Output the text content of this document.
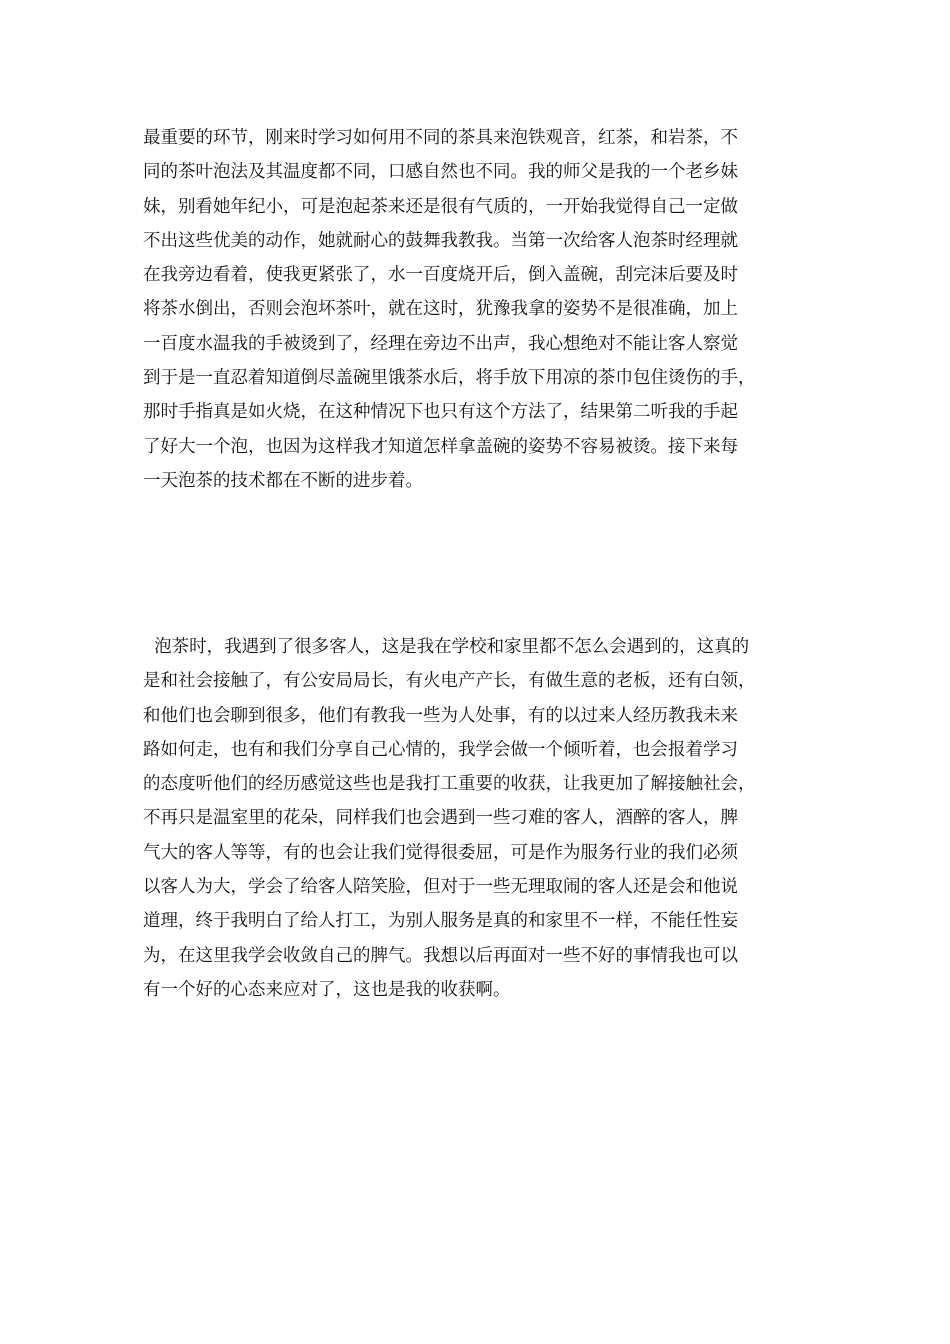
最重要的环节，刚来时学习如何用不同的茶具来泡铁观音，红茶，和岩茶，不
同的茶叶泡法及其温度都不同，口感自然也不同。我的师父是我的一个老乡妹
妹，别看她年纪小，可是泡起茶来还是很有气质的，一开始我觉得自己一定做
不出这些优美的动作，她就耐心的鼓舞我教我。当第一次给客人泡茶时经理就
在我旁边看着，使我更紧张了，水一百度烧开后，倒入盖碗，刮完沫后要及时
将茶水倒出，否则会泡坏茶叶，就在这时，犹豫我拿的姿势不是很准确，加上
一百度水温我的手被烫到了，经理在旁边不出声，我心想绝对不能让客人察觉
到于是一直忍着知道倒尽盖碗里饿茶水后，将手放下用凉的茶巾包住烫伤的手，
那时手指真是如火烧，在这种情况下也只有这个方法了，结果第二听我的手起
了好大一个泡，也因为这样我才知道怎样拿盖碗的姿势不容易被烫。接下来每
一天泡茶的技术都在不断的进步着。
泡茶时，我遇到了很多客人，这是我在学校和家里都不怎么会遇到的，这真的
是和社会接触了，有公安局局长，有火电产产长，有做生意的老板，还有白领，
和他们也会聊到很多，他们有教我一些为人处事，有的以过来人经历教我未来
路如何走，也有和我们分享自己心情的，我学会做一个倾听着，也会报着学习
的态度听他们的经历感觉这些也是我打工重要的收获，让我更加了解接触社会，
不再只是温室里的花朵，同样我们也会遇到一些刁难的客人，酒醉的客人，脾
气大的客人等等，有的也会让我们觉得很委屈，可是作为服务行业的我们必须
以客人为大，学会了给客人陪笑脸，但对于一些无理取闹的客人还是会和他说
道理，终于我明白了给人打工，为别人服务是真的和家里不一样，不能任性妄
为，在这里我学会收敛自己的脾气。我想以后再面对一些不好的事情我也可以
有一个好的心态来应对了，这也是我的收获啊。
